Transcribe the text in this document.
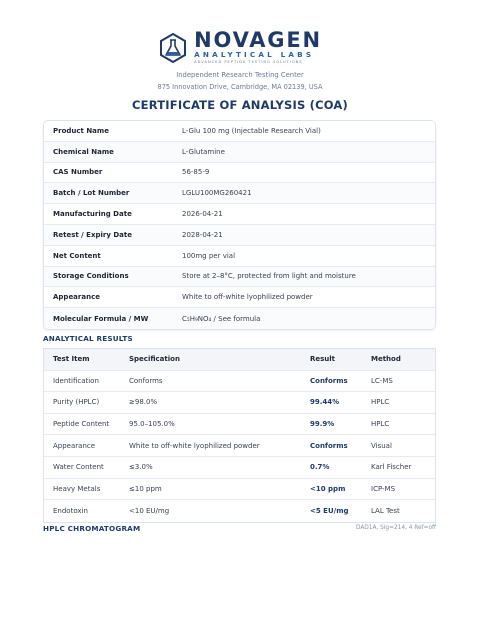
NOVAGEN
ANALYTICAL LABS
ADVANCED PEPTIDE TESTING SOLUTIONS
Independent Research Testing Center
875 Innovation Drive, Cambridge, MA 02139, USA
CERTIFICATE OF ANALYSIS (COA)
Product Name	L-Glu 100 mg (Injectable Research Vial)
Chemical Name	L-Glutamine
CAS Number	56-85-9
Batch / Lot Number	LGLU100MG260421
Manufacturing Date	2026-04-21
Retest / Expiry Date	2028-04-21
Net Content	100mg per vial
Storage Conditions	Store at 2–8°C, protected from light and moisture
Appearance	White to off-white lyophilized powder
Molecular Formula / MW	C₅H₉NO₄ / See formula
ANALYTICAL RESULTS
Test Item	Specification	Result	Method
Identification	Conforms	Conforms	LC-MS
Purity (HPLC)	≥98.0%	99.44%	HPLC
Peptide Content	95.0–105.0%	99.9%	HPLC
Appearance	White to off-white lyophilized powder	Conforms	Visual
Water Content	≤3.0%	0.7%	Karl Fischer
Heavy Metals	≤10 ppm	<10 ppm	ICP-MS
Endotoxin	<10 EU/mg	<5 EU/mg	LAL Test
HPLC CHROMATOGRAM	DAD1A, Sig=214, 4 Ref=off
